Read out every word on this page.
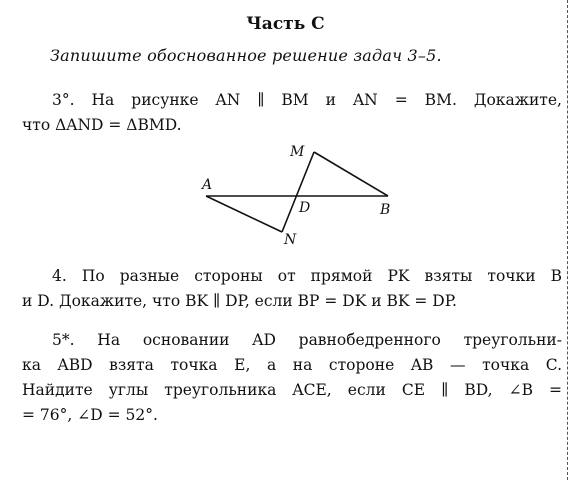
Часть С
Запишите обоснованное решение задач 3–5.
3°. На рисунке AN ∥ BM и AN = BM. Докажите,
что ΔAND = ΔBMD.
M
A
D	B
N
4. По разные стороны от прямой PK взяты точки B
и D. Докажите, что BK ∥ DP, если BP = DK и BK = DP.
5*. На основании AD равнобедренного треугольни-
ка ABD взята точка E, а на стороне AB — точка C.
Найдите углы треугольника ACE, если CE ∥ BD, ∠B =
= 76°, ∠D = 52°.
